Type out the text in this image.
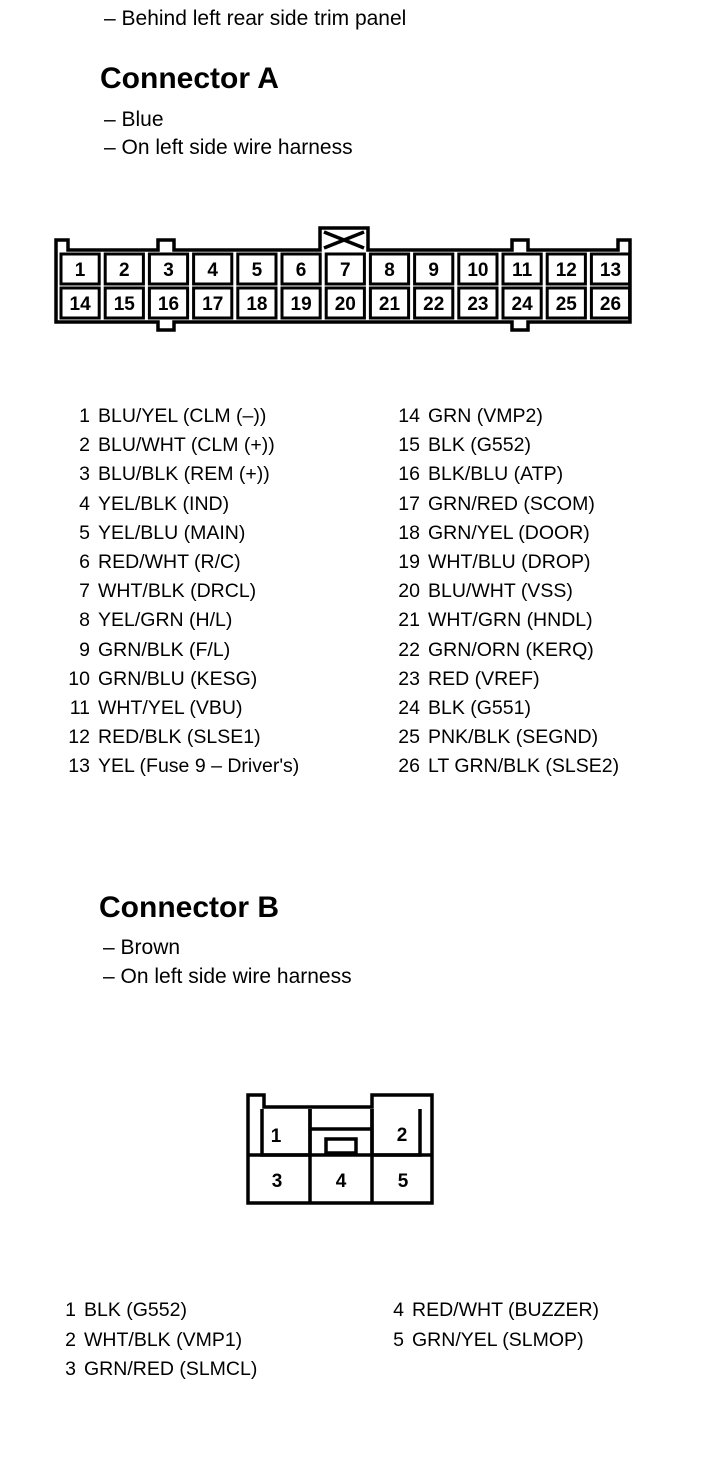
– Behind left rear side trim panel
Connector A
– Blue
– On left side wire harness
1 2 3 4 5 6 7 8 9 10 11 12 13
14 15 16 17 18 19 20 21 22 23 24 25 26
1 BLU/YEL (CLM (–))
2 BLU/WHT (CLM (+))
3 BLU/BLK (REM (+))
4 YEL/BLK (IND)
5 YEL/BLU (MAIN)
6 RED/WHT (R/C)
7 WHT/BLK (DRCL)
8 YEL/GRN (H/L)
9 GRN/BLK (F/L)
10 GRN/BLU (KESG)
11 WHT/YEL (VBU)
12 RED/BLK (SLSE1)
13 YEL (Fuse 9 – Driver's)
14 GRN (VMP2)
15 BLK (G552)
16 BLK/BLU (ATP)
17 GRN/RED (SCOM)
18 GRN/YEL (DOOR)
19 WHT/BLU (DROP)
20 BLU/WHT (VSS)
21 WHT/GRN (HNDL)
22 GRN/ORN (KERQ)
23 RED (VREF)
24 BLK (G551)
25 PNK/BLK (SEGND)
26 LT GRN/BLK (SLSE2)
Connector B
– Brown
– On left side wire harness
1	2
3	4	5
1 BLK (G552)
2 WHT/BLK (VMP1)
3 GRN/RED (SLMCL)
4 RED/WHT (BUZZER)
5 GRN/YEL (SLMOP)
